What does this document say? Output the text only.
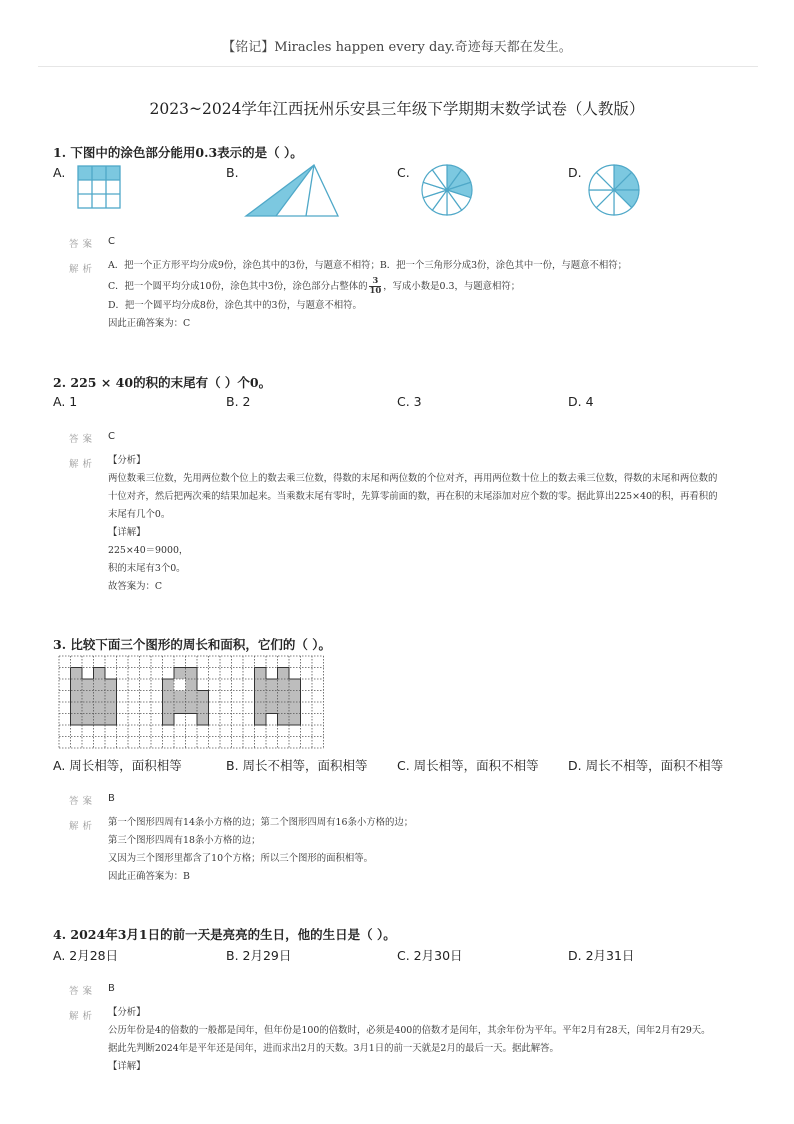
【铭记】Miracles happen every day.奇迹每天都在发生。
2023~2024学年江西抚州乐安县三年级下学期期末数学试卷（人教版）
1. 下图中的涂色部分能用0.3表示的是（ ）。
A.	B.	C.	D.
答案 C
解析 A．把一个正方形平均分成9份，涂色其中的3份，与题意不相符；B．把一个三角形分成3份，涂色其中一份，与题意不相符；
C．把一个圆平均分成10份，涂色其中3份，涂色部分占整体的 $\frac{3}{10}$ ，写成小数是0.3，与题意相符；
D．把一个圆平均分成8份，涂色其中的3份，与题意不相符。
因此正确答案为：C
2. 225 × 40的积的末尾有（ ）个0。
A. 1	B. 2	C. 3	D. 4
答案 C
解析 【分析】
两位数乘三位数，先用两位数个位上的数去乘三位数，得数的末尾和两位数的个位对齐，再用两位数十位上的数去乘三位数，得数的末尾和两位数的十位对齐，然后把两次乘的结果加起来。当乘数末尾有零时，先算零前面的数，再在积的末尾添加对应个数的零。据此算出225×40的积，再看积的末尾有几个0。
【详解】
225×40＝9000，
积的末尾有3个0。
故答案为：C
3. 比较下面三个图形的周长和面积，它们的（ ）。
A. 周长相等，面积相等	B. 周长不相等，面积相等 C. 周长相等，面积不相等 D. 周长不相等，面积不相等
答案 B
解析 第一个图形四周有14条小方格的边；第二个图形四周有16条小方格的边；
第三个图形四周有18条小方格的边；
又因为三个图形里都含了10个方格；所以三个图形的面积相等。
因此正确答案为：B
4. 2024年3月1日的前一天是亮亮的生日，他的生日是（ ）。
A. 2月28日	B. 2月29日	C. 2月30日	D. 2月31日
答案 B
解析 【分析】
公历年份是4的倍数的一般都是闰年，但年份是100的倍数时，必须是400的倍数才是闰年，其余年份为平年。平年2月有28天，闰年2月有29天。据此先判断2024年是平年还是闰年，进而求出2月的天数。3月1日的前一天就是2月的最后一天。据此解答。
【详解】
